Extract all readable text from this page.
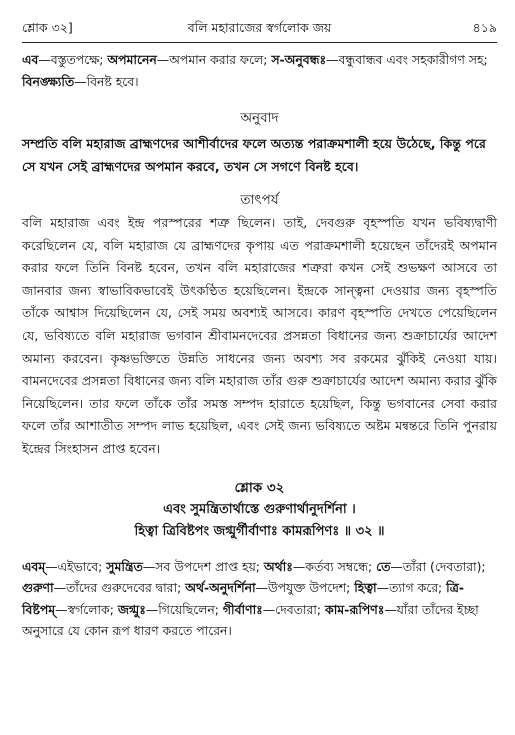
শ্লোক ৩২]	বলি মহারাজের স্বর্গলোক জয়	৪১৯

এব—বস্তুতপক্ষে; অপমানেন—অপমান করার ফলে; স-অনুবন্ধঃ—বন্ধুবান্ধব এবং সহকারীগণ সহ; বিনঙ্ক্ষ্যতি—বিনষ্ট হবে।

অনুবাদ

সম্প্রতি বলি মহারাজ ব্রাহ্মণদের আশীর্বাদের ফলে অত্যন্ত পরাক্রমশালী হয়ে উঠেছে, কিন্তু পরে সে যখন সেই ব্রাহ্মণদের অপমান করবে, তখন সে সগণে বিনষ্ট হবে।

তাৎপর্য

বলি মহারাজ এবং ইন্দ্র পরস্পরের শত্রু ছিলেন। তাই, দেবগুরু বৃহস্পতি যখন ভবিষ্যদ্বাণী করেছিলেন যে, বলি মহারাজ যে ব্রাহ্মণদের কৃপায় এত পরাক্রমশালী হয়েছেন তাঁদেরই অপমান করার ফলে তিনি বিনষ্ট হবেন, তখন বলি মহারাজের শত্রুরা কখন সেই শুভক্ষণ আসবে তা জানবার জন্য স্বাভাবিকভাবেই উৎকণ্ঠিত হয়েছিলেন। ইন্দ্রকে সান্ত্বনা দেওয়ার জন্য বৃহস্পতি তাঁকে আশ্বাস দিয়েছিলেন যে, সেই সময় অবশ্যই আসবে। কারণ বৃহস্পতি দেখতে পেয়েছিলেন যে, ভবিষ্যতে বলি মহারাজ ভগবান শ্রীবামনদেবের প্রসন্নতা বিধানের জন্য শুক্রাচার্যের আদেশ অমান্য করবেন। কৃষ্ণভক্তিতে উন্নতি সাধনের জন্য অবশ্য সব রকমের ঝুঁকিই নেওয়া যায়। বামনদেবের প্রসন্নতা বিধানের জন্য বলি মহারাজ তাঁর গুরু শুক্রাচার্যের আদেশ অমান্য করার ঝুঁকি নিয়েছিলেন। তার ফলে তাঁকে তাঁর সমস্ত সম্পদ হারাতে হয়েছিল, কিন্তু ভগবানের সেবা করার ফলে তাঁর আশাতীত সম্পদ লাভ হয়েছিল, এবং সেই জন্য ভবিষ্যতে অষ্টম মন্বন্তরে তিনি পুনরায় ইন্দ্রের সিংহাসন প্রাপ্ত হবেন।

শ্লোক ৩২
এবং সুমন্ত্রিতার্থাস্তে গুরুণার্থানুদর্শিনা ।
হিত্বা ত্রিবিষ্টপং জগ্মুর্গীর্বাণাঃ কামরূপিণঃ ॥ ৩২ ॥

এবম্—এইভাবে; সুমন্ত্রিত—সব উপদেশ প্রাপ্ত হয়; অর্থাঃ—কর্তব্য সম্বন্ধে; তে—তাঁরা (দেবতারা); গুরুণা—তাঁদের গুরুদেবের দ্বারা; অর্থ-অনুদর্শিনা—উপযুক্ত উপদেশ; হিত্বা—ত্যাগ করে; ত্রি-বিষ্টপম্—স্বর্গলোক; জগ্মুঃ—গিয়েছিলেন; গীর্বাণাঃ—দেবতারা; কাম-রূপিণঃ—যাঁরা তাঁদের ইচ্ছা অনুসারে যে কোন রূপ ধারণ করতে পারেন।
